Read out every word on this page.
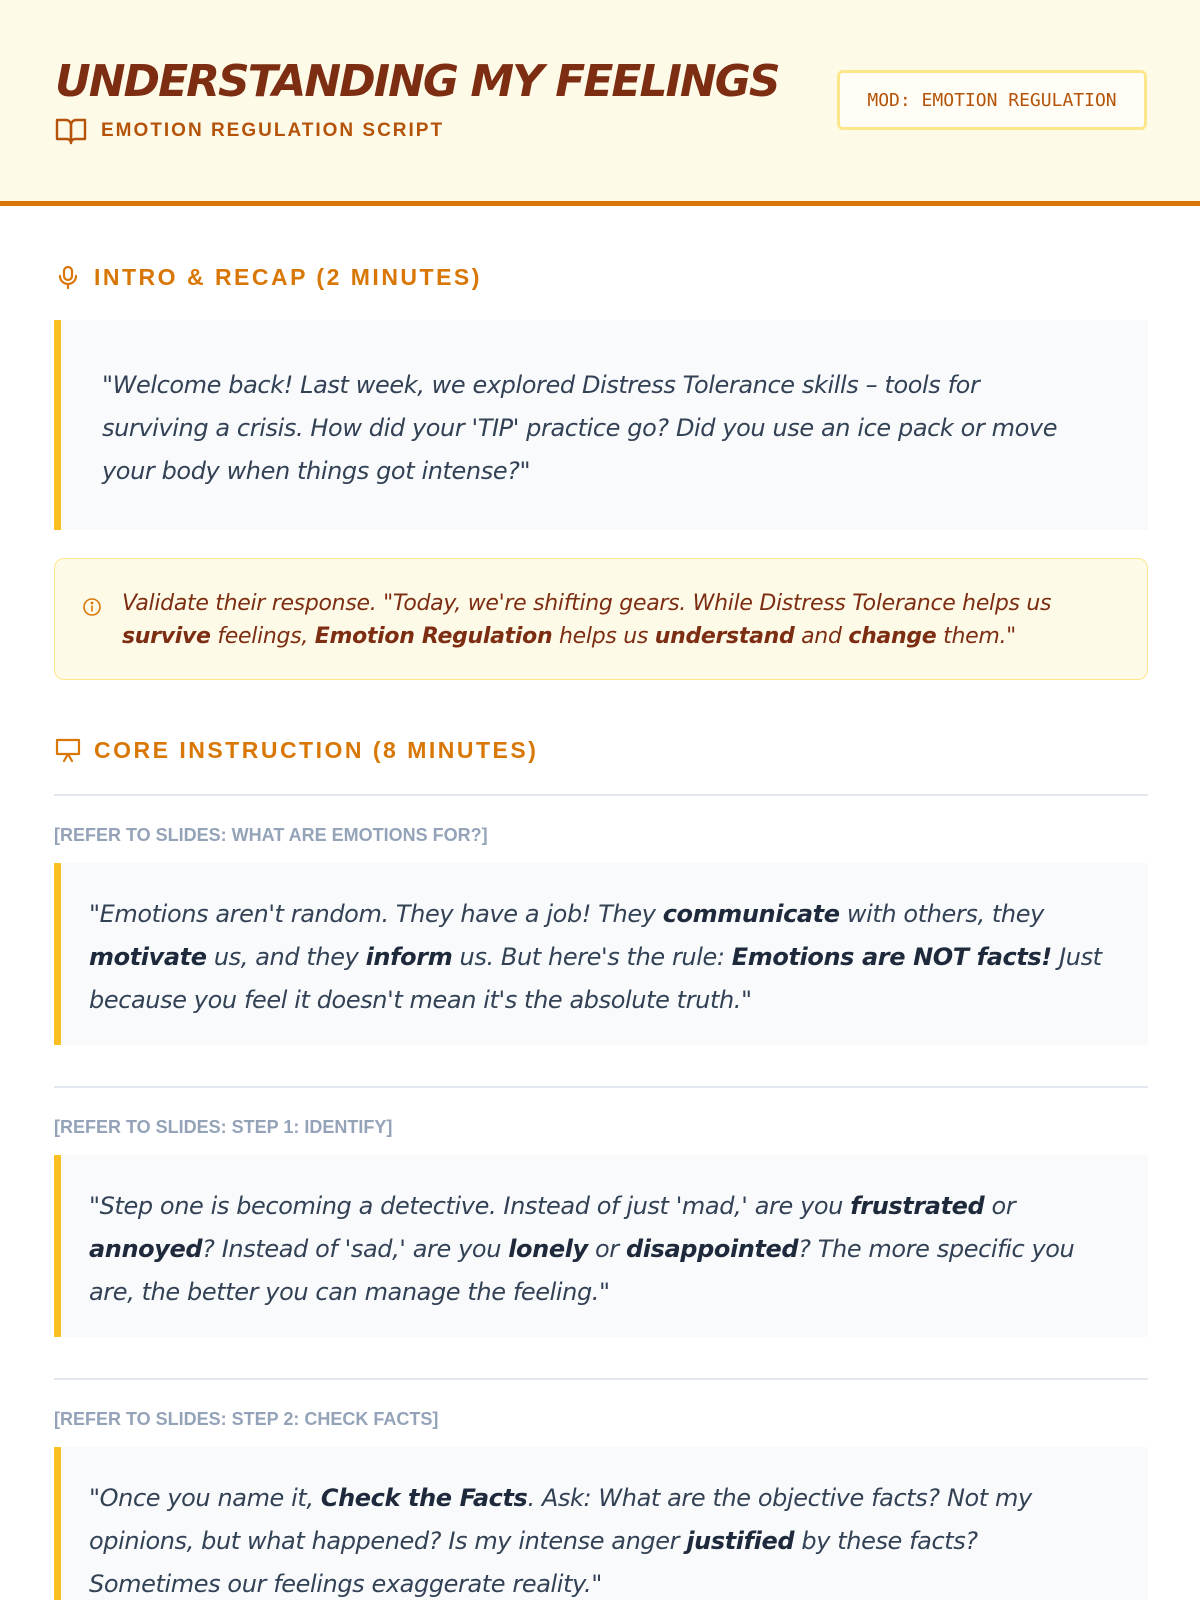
UNDERSTANDING MY FEELINGS
EMOTION REGULATION SCRIPT
MOD: EMOTION REGULATION
INTRO & RECAP (2 MINUTES)
"Welcome back! Last week, we explored Distress Tolerance skills – tools for surviving a crisis. How did your 'TIP' practice go? Did you use an ice pack or move your body when things got intense?"
Validate their response. "Today, we're shifting gears. While Distress Tolerance helps us survive feelings, Emotion Regulation helps us understand and change them."
CORE INSTRUCTION (8 MINUTES)
[REFER TO SLIDES: WHAT ARE EMOTIONS FOR?]
"Emotions aren't random. They have a job! They communicate with others, they motivate us, and they inform us. But here's the rule: Emotions are NOT facts! Just because you feel it doesn't mean it's the absolute truth."
[REFER TO SLIDES: STEP 1: IDENTIFY]
"Step one is becoming a detective. Instead of just 'mad,' are you frustrated or annoyed? Instead of 'sad,' are you lonely or disappointed? The more specific you are, the better you can manage the feeling."
[REFER TO SLIDES: STEP 2: CHECK FACTS]
"Once you name it, Check the Facts. Ask: What are the objective facts? Not my opinions, but what happened? Is my intense anger justified by these facts? Sometimes our feelings exaggerate reality."
